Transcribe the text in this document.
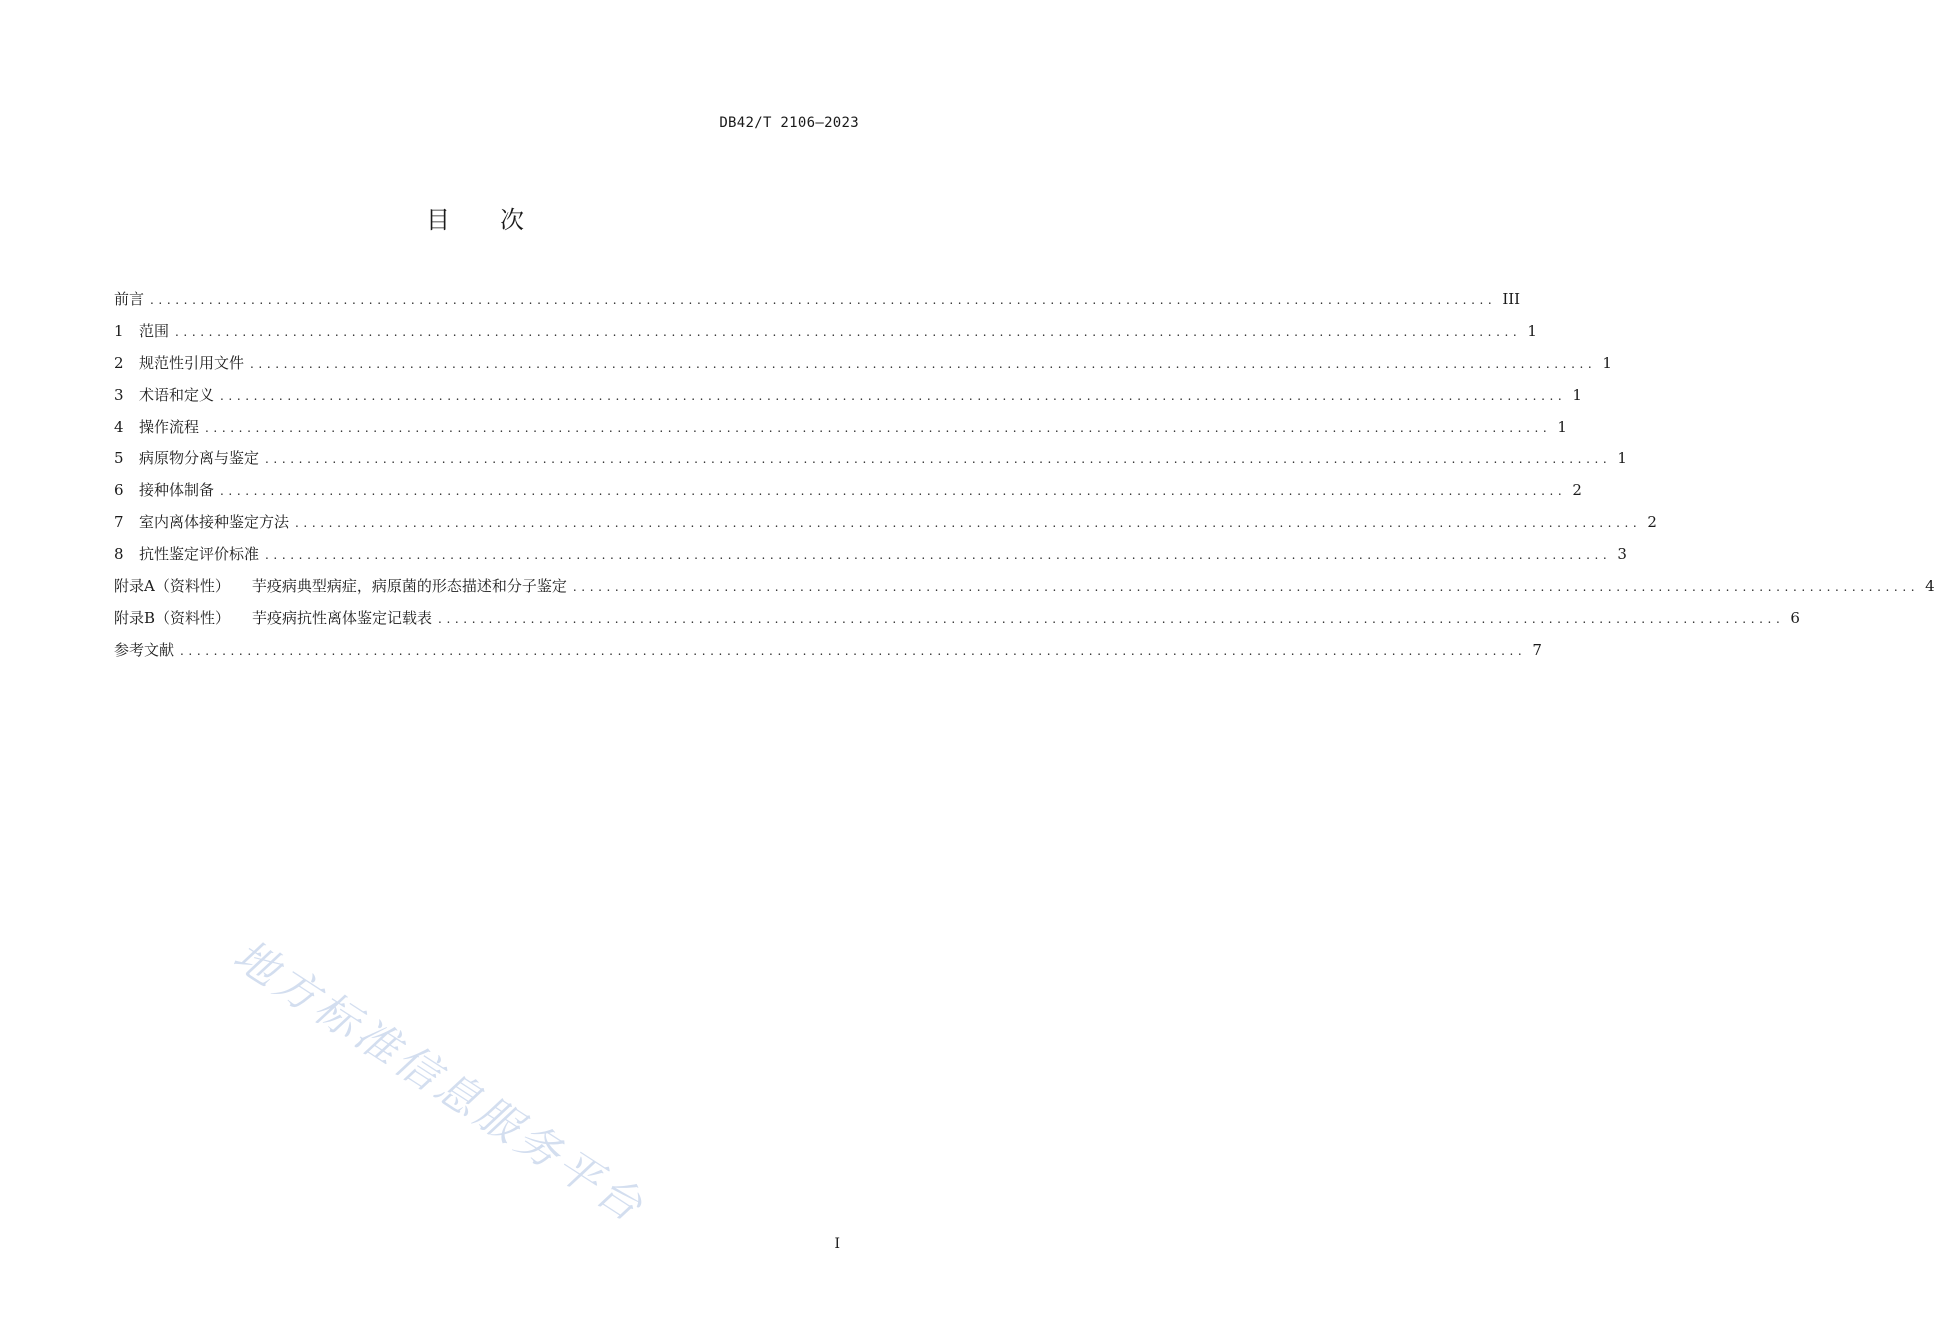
DB42/T 2106—2023
目 次
前言 ................................................................................................................................................................ III
1	范围 ................................................................................................................................................................ 1
2	规范性引用文件 ................................................................................................................................................................ 1
3	术语和定义 ................................................................................................................................................................ 1
4	操作流程 ................................................................................................................................................................ 1
5	病原物分离与鉴定 ................................................................................................................................................................ 1
6	接种体制备 ................................................................................................................................................................ 2
7	室内离体接种鉴定方法 ................................................................................................................................................................ 2
8	抗性鉴定评价标准 ................................................................................................................................................................ 3
附录A（资料性） 芋疫病典型病症，病原菌的形态描述和分子鉴定 ................................................................................................................................................................ 4
附录B（资料性） 芋疫病抗性离体鉴定记载表 ................................................................................................................................................................ 6
参考文献 ................................................................................................................................................................ 7
地方标准信息服务平台
I
